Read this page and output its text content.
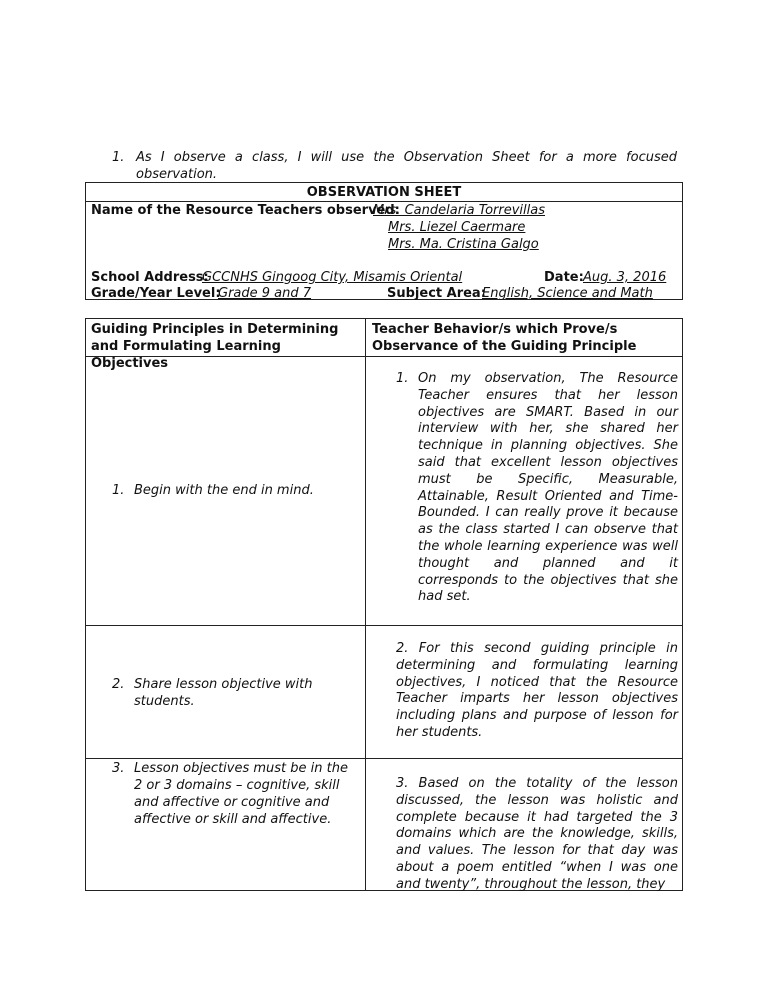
1. As I observe a class, I will use the Observation Sheet for a more focused observation.
OBSERVATION SHEET
Name of the Resource Teachers observed:
Mrs. Candelaria Torrevillas
Mrs. Liezel Caermare
Mrs. Ma. Cristina Galgo
School Address:
GCCNHS Gingoog City, Misamis Oriental	Date: Aug. 3, 2016
Grade/Year Level:
Grade 9 and 7	Subject Area:
English, Science and Math
Guiding Principles in Determining and Formulating Learning Objectives
Teacher Behavior/s which Prove/s Observance of the Guiding Principle
1. Begin with the end in mind.
1. On my observation, The Resource Teacher ensures that her lesson objectives are SMART. Based in our interview with her, she shared her technique in planning objectives. She said that excellent lesson objectives must be Specific, Measurable, Attainable, Result Oriented and Time-Bounded. I can really prove it because as the class started I can observe that the whole learning experience was well thought and planned and it corresponds to the objectives that she had set.
2. Share lesson objective with students.
2. For this second guiding principle in determining and formulating learning objectives, I noticed that the Resource Teacher imparts her lesson objectives including plans and purpose of lesson for her students.
3. Lesson objectives must be in the 2 or 3 domains – cognitive, skill and affective or cognitive and affective or skill and affective.
3. Based on the totality of the lesson discussed, the lesson was holistic and complete because it had targeted the 3 domains which are the knowledge, skills, and values. The lesson for that day was about a poem entitled “when I was one and twenty”, throughout the lesson, they
